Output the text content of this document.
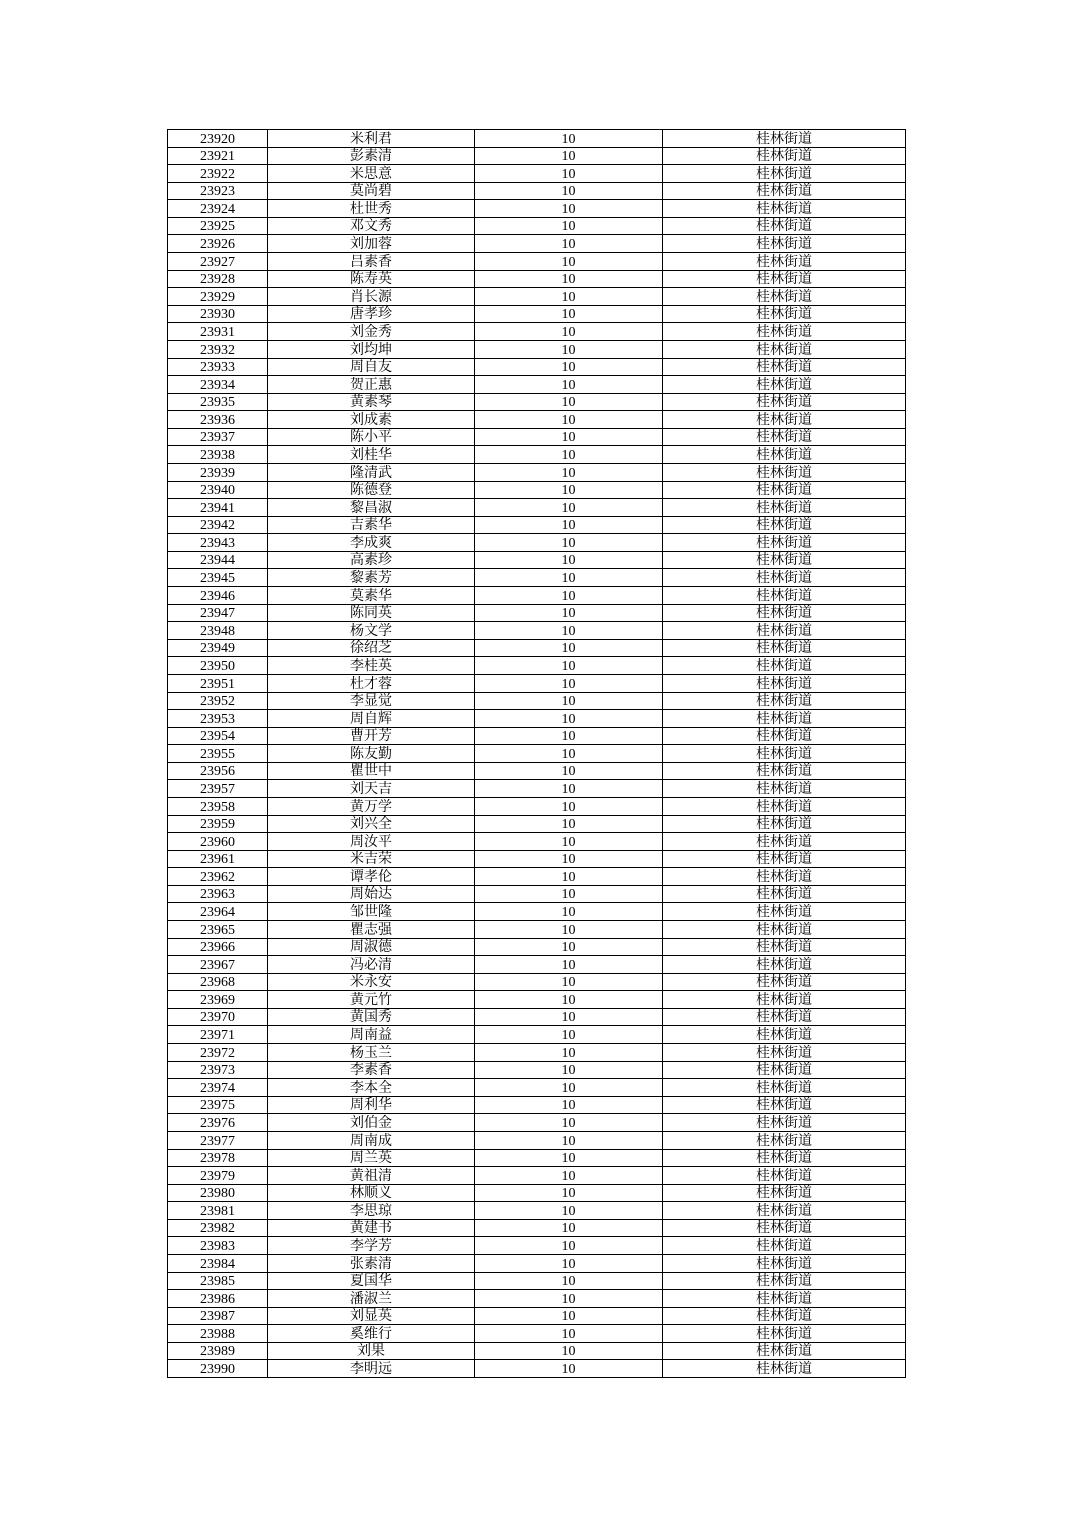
23920	米利君	10	桂林街道
23921	彭素清	10	桂林街道
23922	米思意	10	桂林街道
23923	莫尚碧	10	桂林街道
23924	杜世秀	10	桂林街道
23925	邓文秀	10	桂林街道
23926	刘加蓉	10	桂林街道
23927	吕素香	10	桂林街道
23928	陈寿英	10	桂林街道
23929	肖长源	10	桂林街道
23930	唐孝珍	10	桂林街道
23931	刘金秀	10	桂林街道
23932	刘均坤	10	桂林街道
23933	周自友	10	桂林街道
23934	贺正惠	10	桂林街道
23935	黄素琴	10	桂林街道
23936	刘成素	10	桂林街道
23937	陈小平	10	桂林街道
23938	刘桂华	10	桂林街道
23939	隆清武	10	桂林街道
23940	陈德登	10	桂林街道
23941	黎昌淑	10	桂林街道
23942	吉素华	10	桂林街道
23943	李成爽	10	桂林街道
23944	高素珍	10	桂林街道
23945	黎素芳	10	桂林街道
23946	莫素华	10	桂林街道
23947	陈同英	10	桂林街道
23948	杨文学	10	桂林街道
23949	徐绍芝	10	桂林街道
23950	李桂英	10	桂林街道
23951	杜才蓉	10	桂林街道
23952	李显觉	10	桂林街道
23953	周自辉	10	桂林街道
23954	曹开芳	10	桂林街道
23955	陈友勤	10	桂林街道
23956	瞿世中	10	桂林街道
23957	刘天吉	10	桂林街道
23958	黄万学	10	桂林街道
23959	刘兴全	10	桂林街道
23960	周汝平	10	桂林街道
23961	米吉荣	10	桂林街道
23962	谭孝伦	10	桂林街道
23963	周始达	10	桂林街道
23964	邹世隆	10	桂林街道
23965	瞿志强	10	桂林街道
23966	周淑德	10	桂林街道
23967	冯必清	10	桂林街道
23968	米永安	10	桂林街道
23969	黄元竹	10	桂林街道
23970	黄国秀	10	桂林街道
23971	周南益	10	桂林街道
23972	杨玉兰	10	桂林街道
23973	李素香	10	桂林街道
23974	李本全	10	桂林街道
23975	周利华	10	桂林街道
23976	刘伯金	10	桂林街道
23977	周南成	10	桂林街道
23978	周兰英	10	桂林街道
23979	黄祖清	10	桂林街道
23980	林顺义	10	桂林街道
23981	李思琼	10	桂林街道
23982	黄建书	10	桂林街道
23983	李学芳	10	桂林街道
23984	张素清	10	桂林街道
23985	夏国华	10	桂林街道
23986	潘淑兰	10	桂林街道
23987	刘显英	10	桂林街道
23988	奚维行	10	桂林街道
23989	刘果	10	桂林街道
23990	李明远	10	桂林街道
